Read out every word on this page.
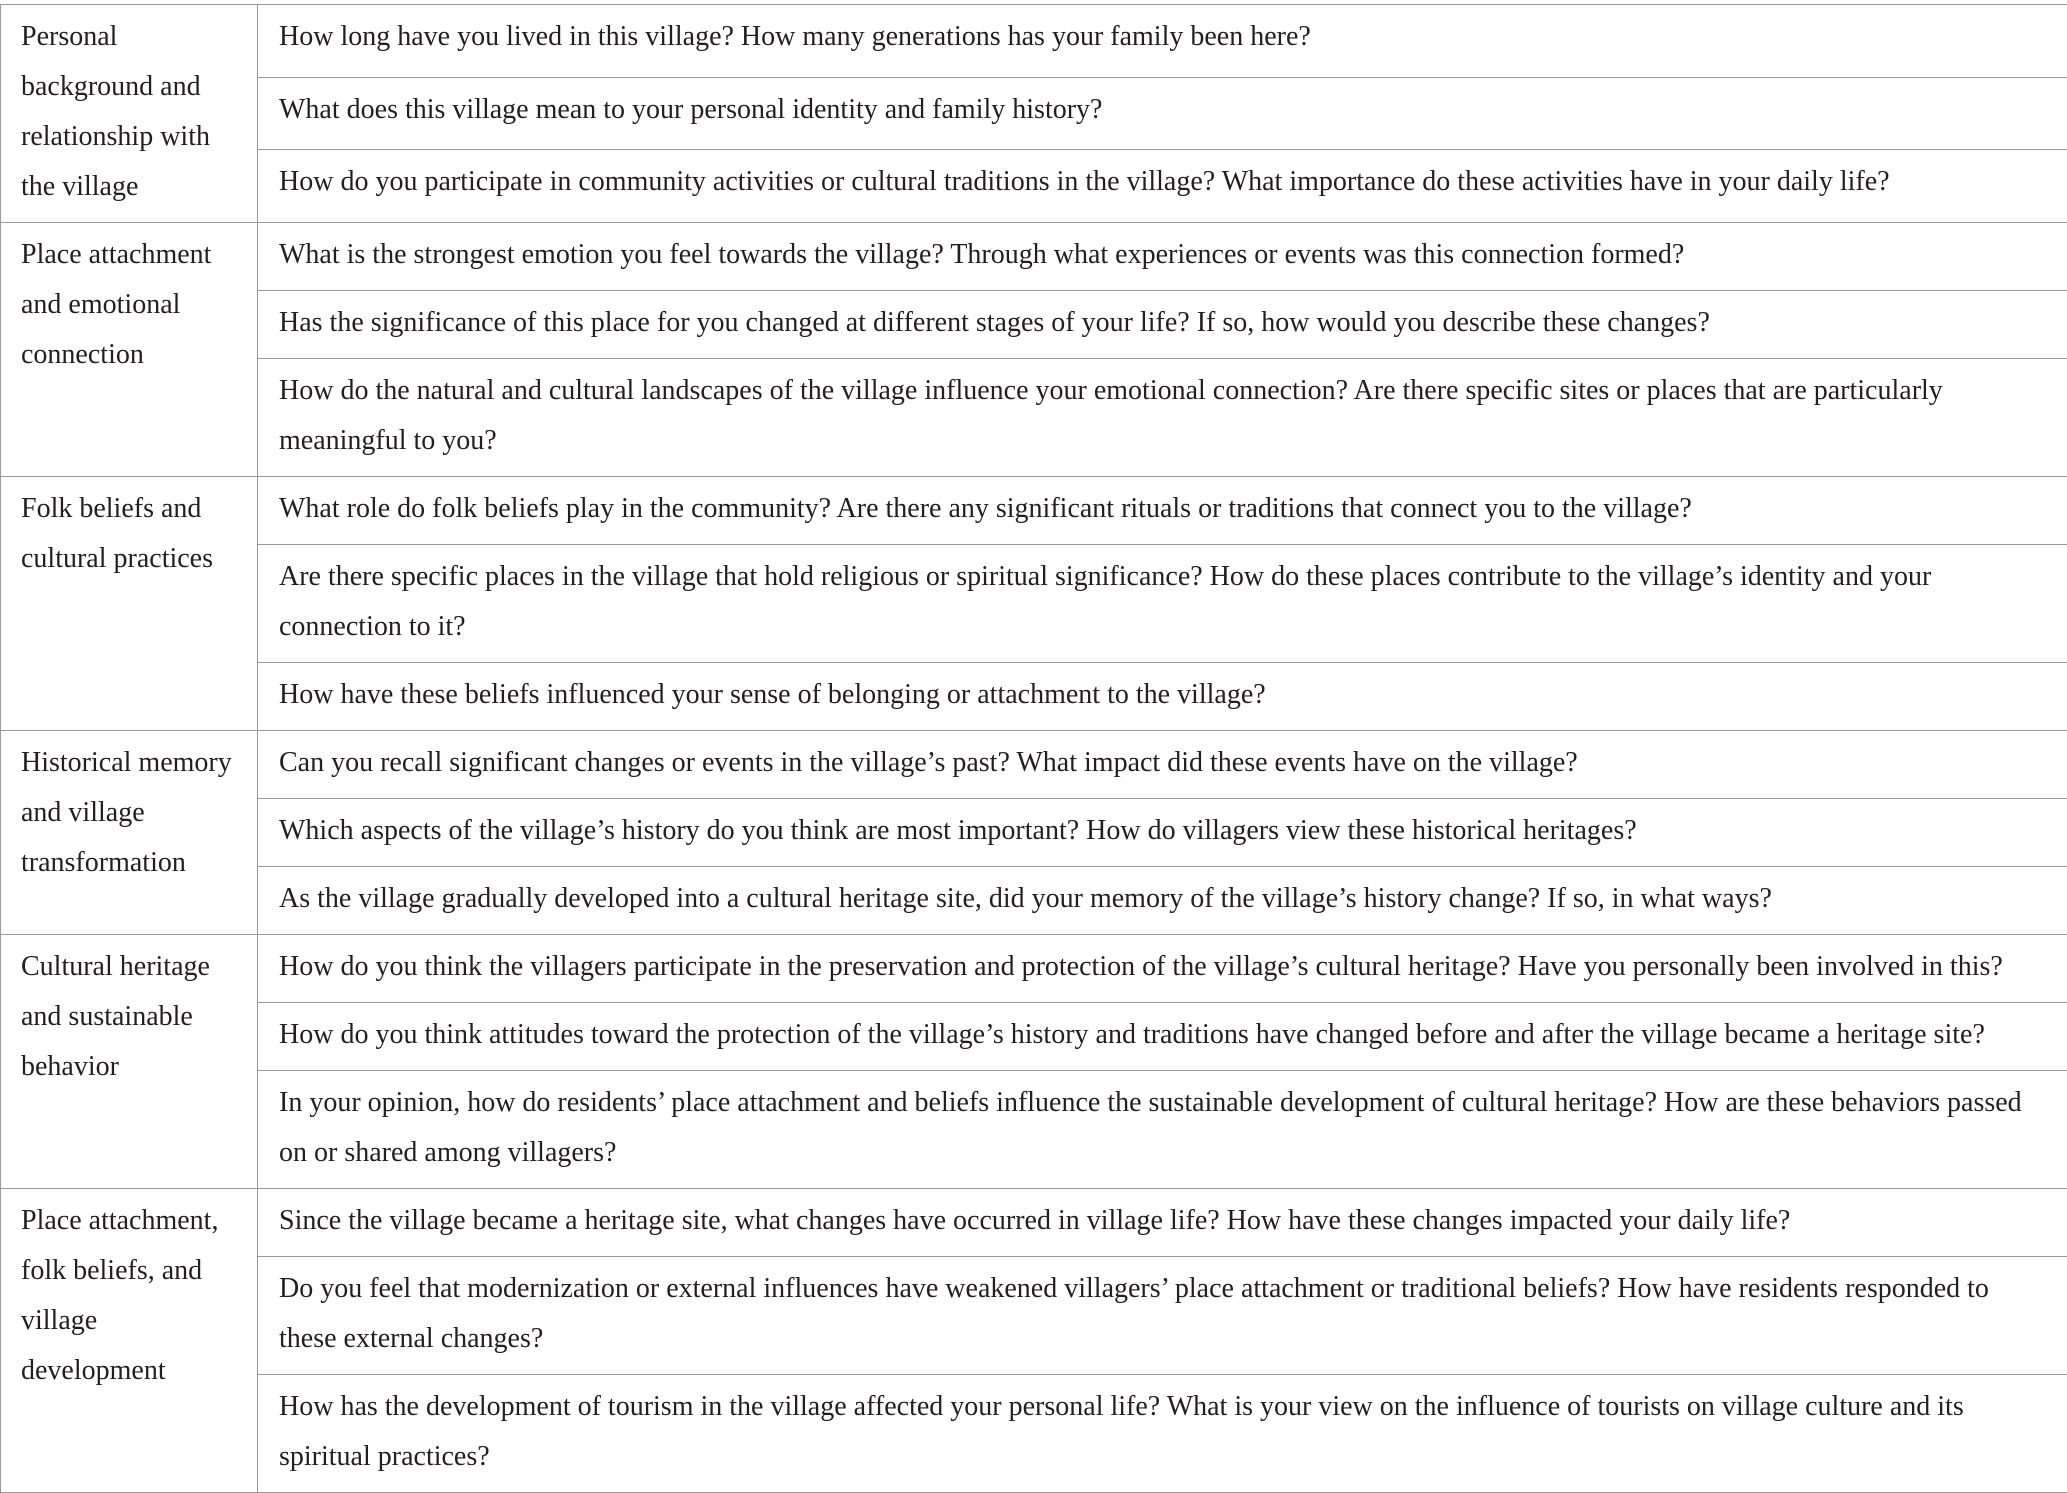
Personal background and relationship with the village	How long have you lived in this village? How many generations has your family been here?
	What does this village mean to your personal identity and family history?
	How do you participate in community activities or cultural traditions in the village? What importance do these activities have in your daily life?
Place attachment and emotional connection	What is the strongest emotion you feel towards the village? Through what experiences or events was this connection formed?
	Has the significance of this place for you changed at different stages of your life? If so, how would you describe these changes?
	How do the natural and cultural landscapes of the village influence your emotional connection? Are there specific sites or places that are particularly meaningful to you?
Folk beliefs and cultural practices	What role do folk beliefs play in the community? Are there any significant rituals or traditions that connect you to the village?
	Are there specific places in the village that hold religious or spiritual significance? How do these places contribute to the village’s identity and your connection to it?
	How have these beliefs influenced your sense of belonging or attachment to the village?
Historical memory and village transformation	Can you recall significant changes or events in the village’s past? What impact did these events have on the village?
	Which aspects of the village’s history do you think are most important? How do villagers view these historical heritages?
	As the village gradually developed into a cultural heritage site, did your memory of the village’s history change? If so, in what ways?
Cultural heritage and sustainable behavior	How do you think the villagers participate in the preservation and protection of the village’s cultural heritage? Have you personally been involved in this?
	How do you think attitudes toward the protection of the village’s history and traditions have changed before and after the village became a heritage site?
	In your opinion, how do residents’ place attachment and beliefs influence the sustainable development of cultural heritage? How are these behaviors passed on or shared among villagers?
Place attachment, folk beliefs, and village development	Since the village became a heritage site, what changes have occurred in village life? How have these changes impacted your daily life?
	Do you feel that modernization or external influences have weakened villagers’ place attachment or traditional beliefs? How have residents responded to these external changes?
	How has the development of tourism in the village affected your personal life? What is your view on the influence of tourists on village culture and its spiritual practices?
